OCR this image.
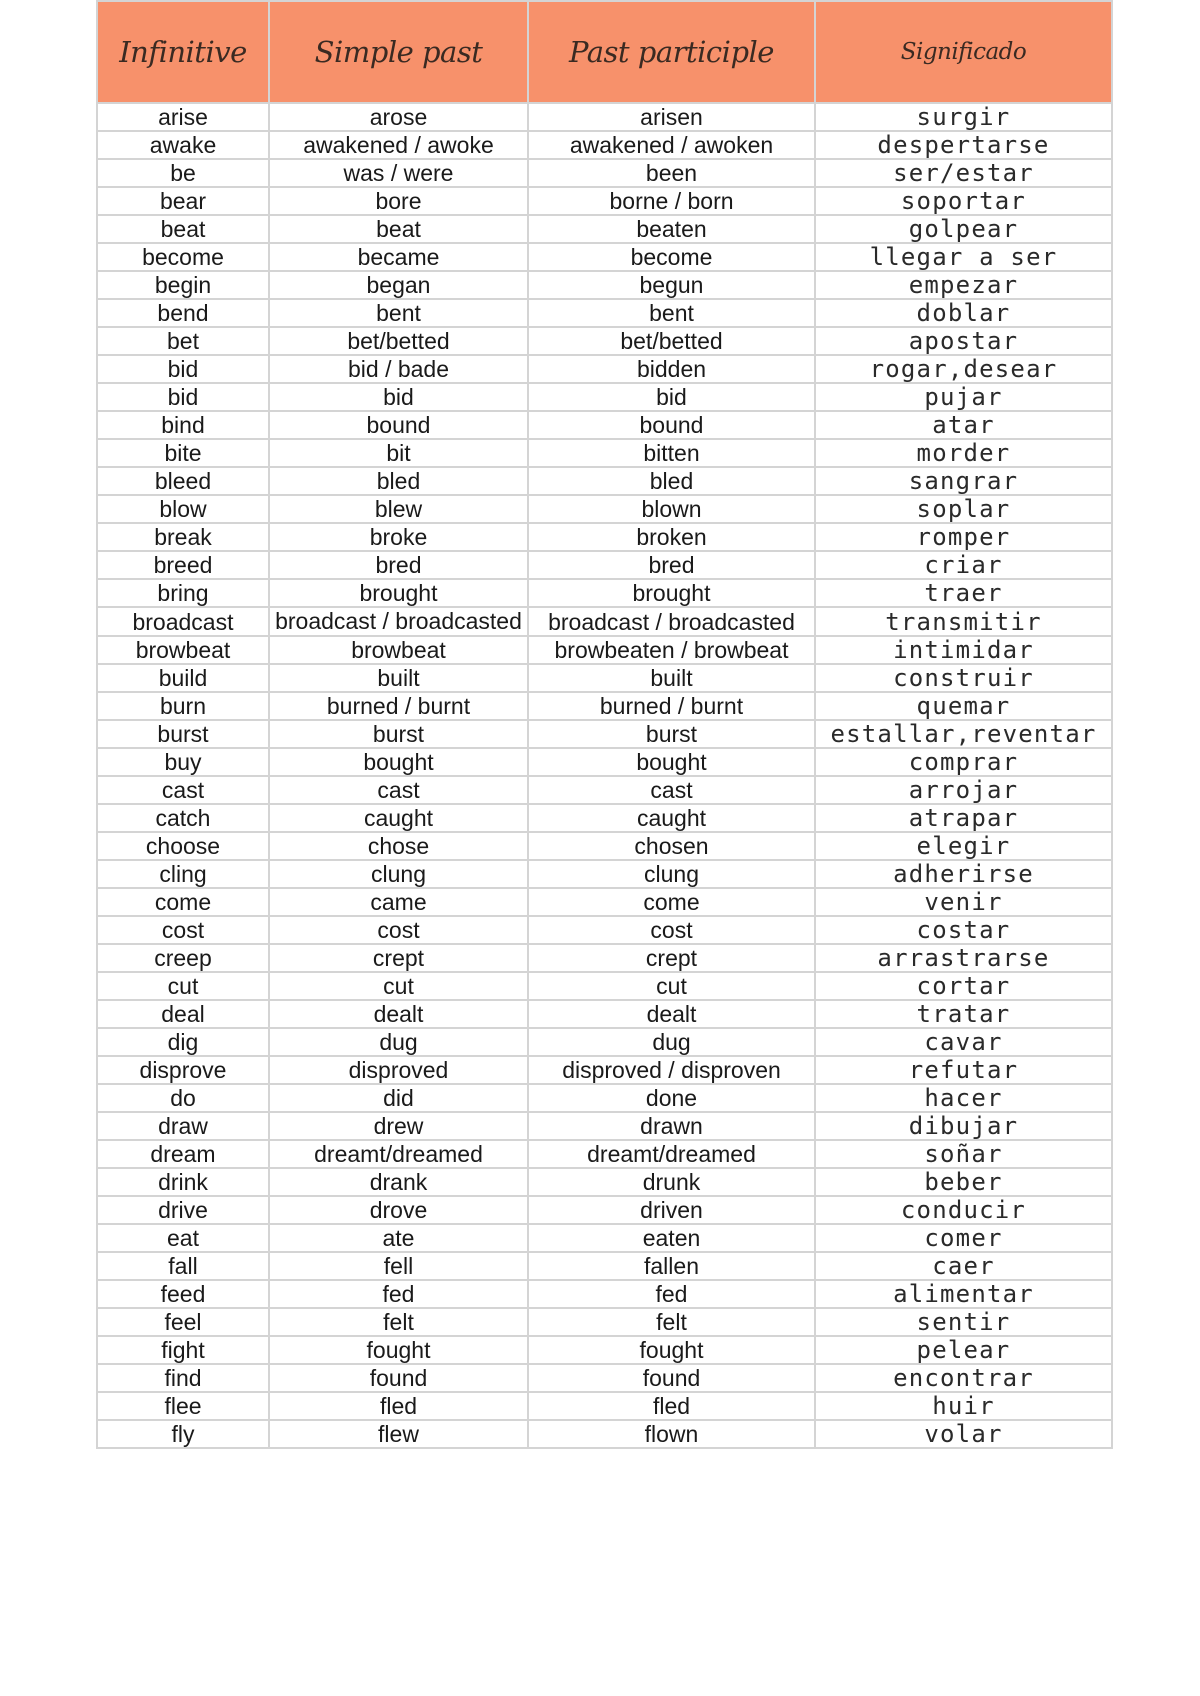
Infinitive	Simple past	Past participle	Significado
arise	arose	arisen	surgir
awake	awakened / awoke	awakened / awoken	despertarse
be	was / were	been	ser/estar
bear	bore	borne / born	soportar
beat	beat	beaten	golpear
become	became	become	llegar a ser
begin	began	begun	empezar
bend	bent	bent	doblar
bet	bet/betted	bet/betted	apostar
bid	bid / bade	bidden	rogar,desear
bid	bid	bid	pujar
bind	bound	bound	atar
bite	bit	bitten	morder
bleed	bled	bled	sangrar
blow	blew	blown	soplar
break	broke	broken	romper
breed	bred	bred	criar
bring	brought	brought	traer
broadcast	broadcast / broadcasted	broadcast / broadcasted	transmitir
browbeat	browbeat	browbeaten / browbeat	intimidar
build	built	built	construir
burn	burned / burnt	burned / burnt	quemar
burst	burst	burst	estallar,reventar
buy	bought	bought	comprar
cast	cast	cast	arrojar
catch	caught	caught	atrapar
choose	chose	chosen	elegir
cling	clung	clung	adherirse
come	came	come	venir
cost	cost	cost	costar
creep	crept	crept	arrastrarse
cut	cut	cut	cortar
deal	dealt	dealt	tratar
dig	dug	dug	cavar
disprove	disproved	disproved / disproven	refutar
do	did	done	hacer
draw	drew	drawn	dibujar
dream	dreamt/dreamed	dreamt/dreamed	soñar
drink	drank	drunk	beber
drive	drove	driven	conducir
eat	ate	eaten	comer
fall	fell	fallen	caer
feed	fed	fed	alimentar
feel	felt	felt	sentir
fight	fought	fought	pelear
find	found	found	encontrar
flee	fled	fled	huir
fly	flew	flown	volar
